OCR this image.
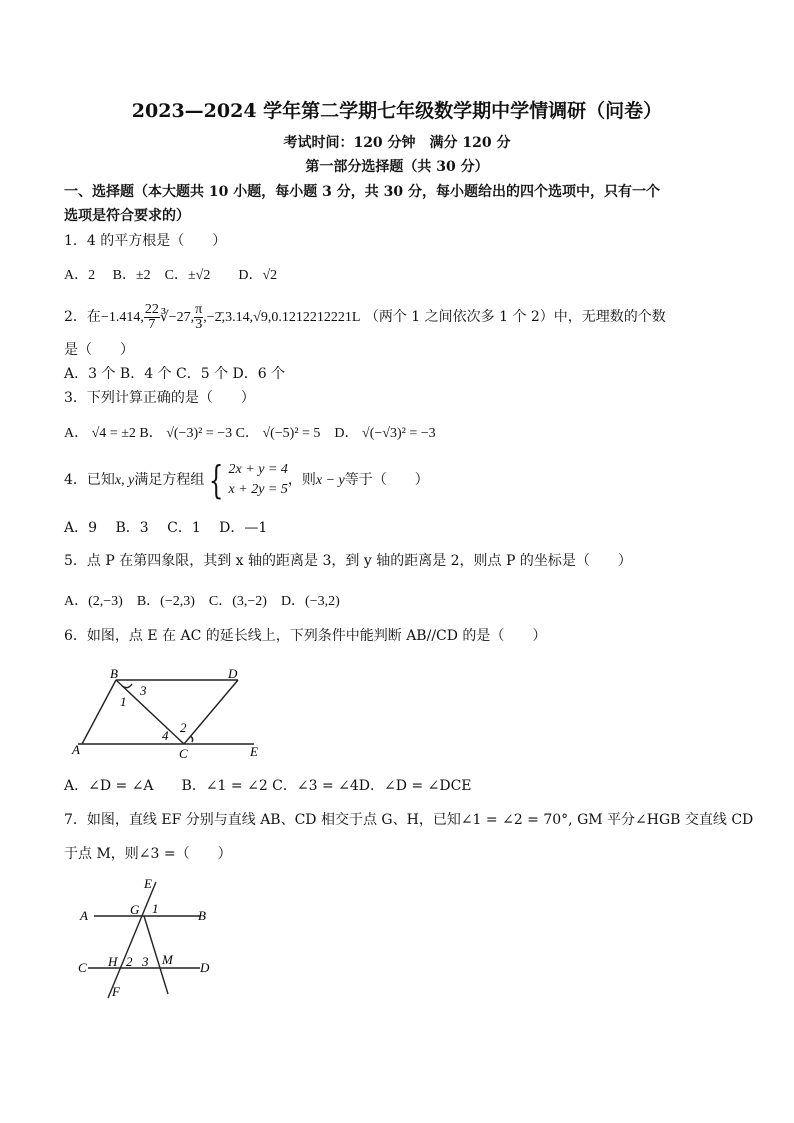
2023—2024 学年第二学期七年级数学期中学情调研（问卷）
考试时间：120 分钟　满分 120 分
第一部分选择题（共 30 分）
一、选择题（本大题共 10 小题，每小题 3 分，共 30 分，每小题给出的四个选项中，只有一个
选项是符合要求的）
1．4 的平方根是（　　）
A．2　 B．±2　C．±√2　　D．√2
2．在−1.414, $\frac{22}{7}$ ∛−27, $\frac{\pi}{3}$ ,−2̄,3.14,√9,0.1212212221L （两个 1 之间依次多 1 个 2）中，无理数的个数
是（　　）
A．3 个 B．4 个 C．5 个 D．6 个
3．下列计算正确的是（　　）
A． √4 = ±2 B． √(−3)² = −3 C． √(−5)² = 5　D． √(−√3)² = −3
4．已知x, y满足方程组 { 2x + y = 4
x + 2y = 5
，则x − y等于（　　）
A．9　 B．3　 C．1　 D．—1
5．点 P 在第四象限，其到 x 轴的距离是 3，到 y 轴的距离是 2，则点 P 的坐标是（　　）
A．(2,−3)　B．(−2,3)　C．(3,−2)　D．(−3,2)
6．如图，点 E 在 AC 的延长线上，下列条件中能判断 AB//CD 的是（　　）
B	D
3
1
2
4
A	C	E
A．∠D = ∠A　　B．∠1 = ∠2 C．∠3 = ∠4D．∠D = ∠DCE
7．如图，直线 EF 分别与直线 AB、CD 相交于点 G、H，已知∠1 = ∠2 = 70°, GM 平分∠HGB 交直线 CD
于点 M，则∠3 =（　　）
E
A	G 1	B
C H 2 3 M
D
F
